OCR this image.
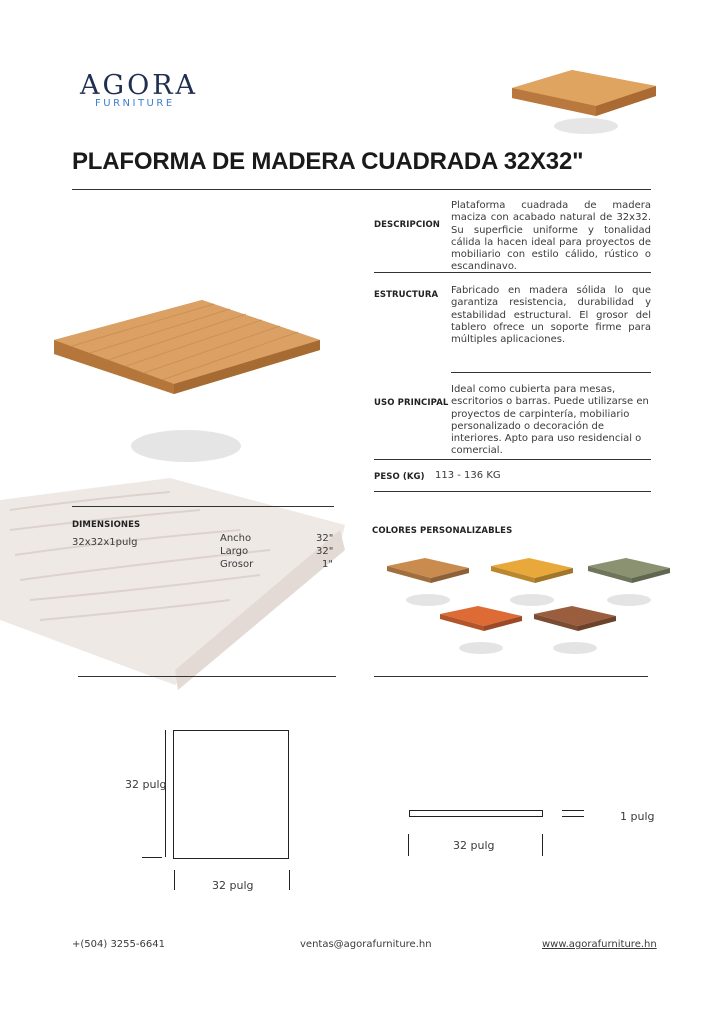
AGORA
FURNITURE
PLAFORMA DE MADERA CUADRADA 32X32"
DESCRIPCION
Plataforma cuadrada de madera maciza con acabado natural de 32x32. Su superficie uniforme y tonalidad cálida la hacen ideal para proyectos de mobiliario con estilo cálido, rústico o escandinavo.
ESTRUCTURA Fabricado en madera sólida lo que garantiza resistencia, durabilidad y estabilidad estructural. El grosor del tablero ofrece un soporte firme para múltiples aplicaciones.
USO PRINCIPAL
Ideal como cubierta para mesas, escritorios o barras. Puede utilizarse en proyectos de carpintería, mobiliario personalizado o decoración de interiores. Apto para uso residencial o comercial.
PESO (KG) 113 - 136 KG
DIMENSIONES
32x32x1pulg	Ancho	32"
Largo	32"
Grosor	1"
COLORES PERSONALIZABLES
32 pulg
32 pulg
32 pulg
1 pulg
+(504) 3255-6641	ventas@agorafurniture.hn	www.agorafurniture.hn
